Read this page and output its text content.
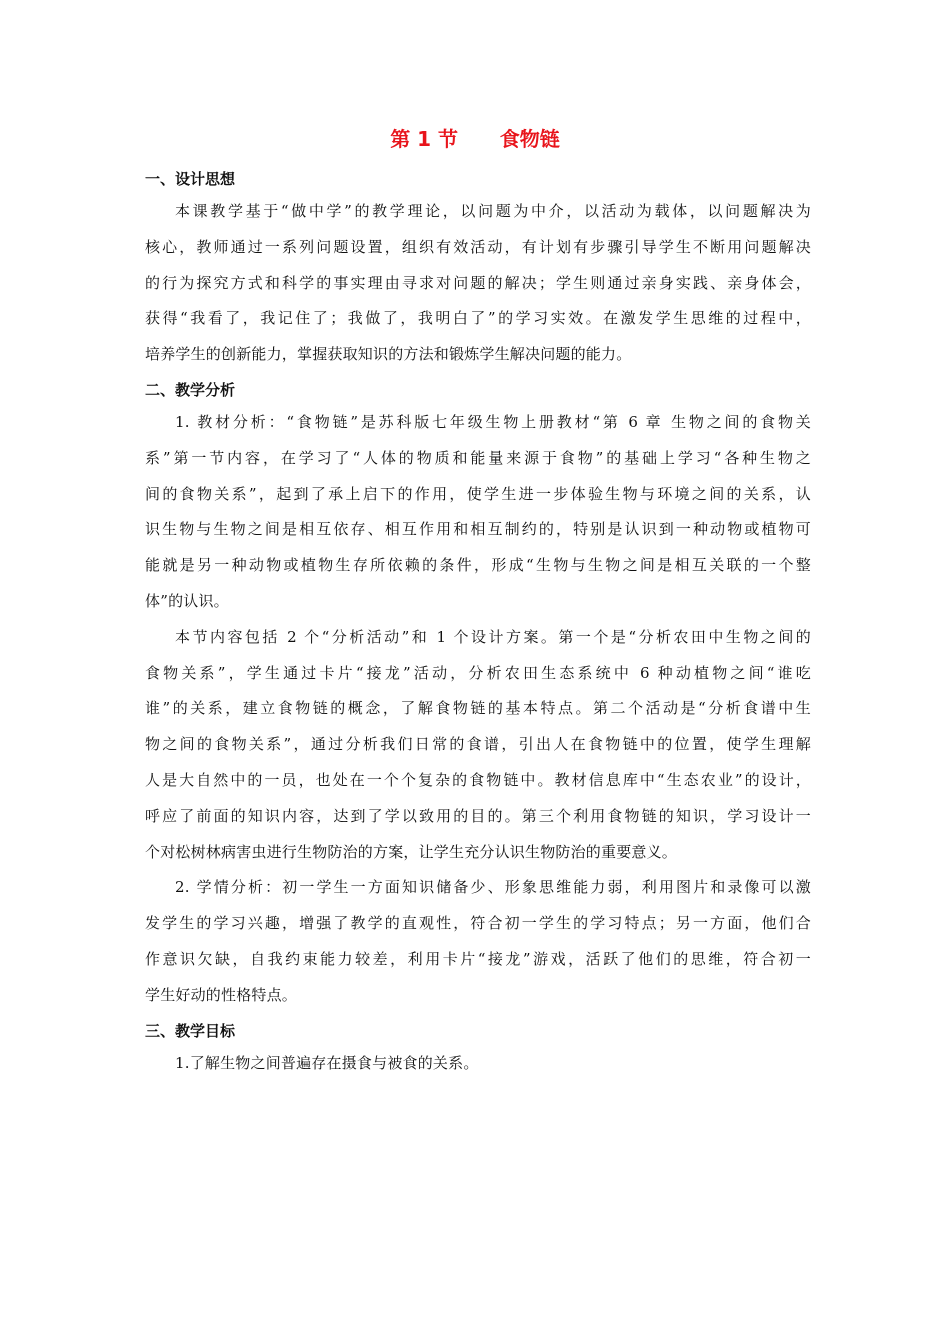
第 1 节      食物链
一、设计思想
本课教学基于“做中学”的教学理论，以问题为中介，以活动为载体，以问题解决为
核心，教师通过一系列问题设置，组织有效活动，有计划有步骤引导学生不断用问题解决
的行为探究方式和科学的事实理由寻求对问题的解决；学生则通过亲身实践、亲身体会，
获得“我看了，我记住了；我做了，我明白了”的学习实效。在激发学生思维的过程中，
培养学生的创新能力，掌握获取知识的方法和锻炼学生解决问题的能力。
二、教学分析
1. 教材分析：“食物链”是苏科版七年级生物上册教材“第 6 章 生物之间的食物关
系”第一节内容，在学习了“人体的物质和能量来源于食物”的基础上学习“各种生物之
间的食物关系”，起到了承上启下的作用，使学生进一步体验生物与环境之间的关系，认
识生物与生物之间是相互依存、相互作用和相互制约的，特别是认识到一种动物或植物可
能就是另一种动物或植物生存所依赖的条件，形成“生物与生物之间是相互关联的一个整
体”的认识。
本节内容包括 2 个“分析活动”和 1 个设计方案。第一个是“分析农田中生物之间的
食物关系”，学生通过卡片“接龙”活动，分析农田生态系统中 6 种动植物之间“谁吃
谁”的关系，建立食物链的概念，了解食物链的基本特点。第二个活动是“分析食谱中生
物之间的食物关系”，通过分析我们日常的食谱，引出人在食物链中的位置，使学生理解
人是大自然中的一员，也处在一个个复杂的食物链中。教材信息库中“生态农业”的设计，
呼应了前面的知识内容，达到了学以致用的目的。第三个利用食物链的知识，学习设计一
个对松树林病害虫进行生物防治的方案，让学生充分认识生物防治的重要意义。
2. 学情分析：初一学生一方面知识储备少、形象思维能力弱，利用图片和录像可以激
发学生的学习兴趣，增强了教学的直观性，符合初一学生的学习特点；另一方面，他们合
作意识欠缺，自我约束能力较差，利用卡片“接龙”游戏，活跃了他们的思维，符合初一
学生好动的性格特点。
三、教学目标
1.了解生物之间普遍存在摄食与被食的关系。
